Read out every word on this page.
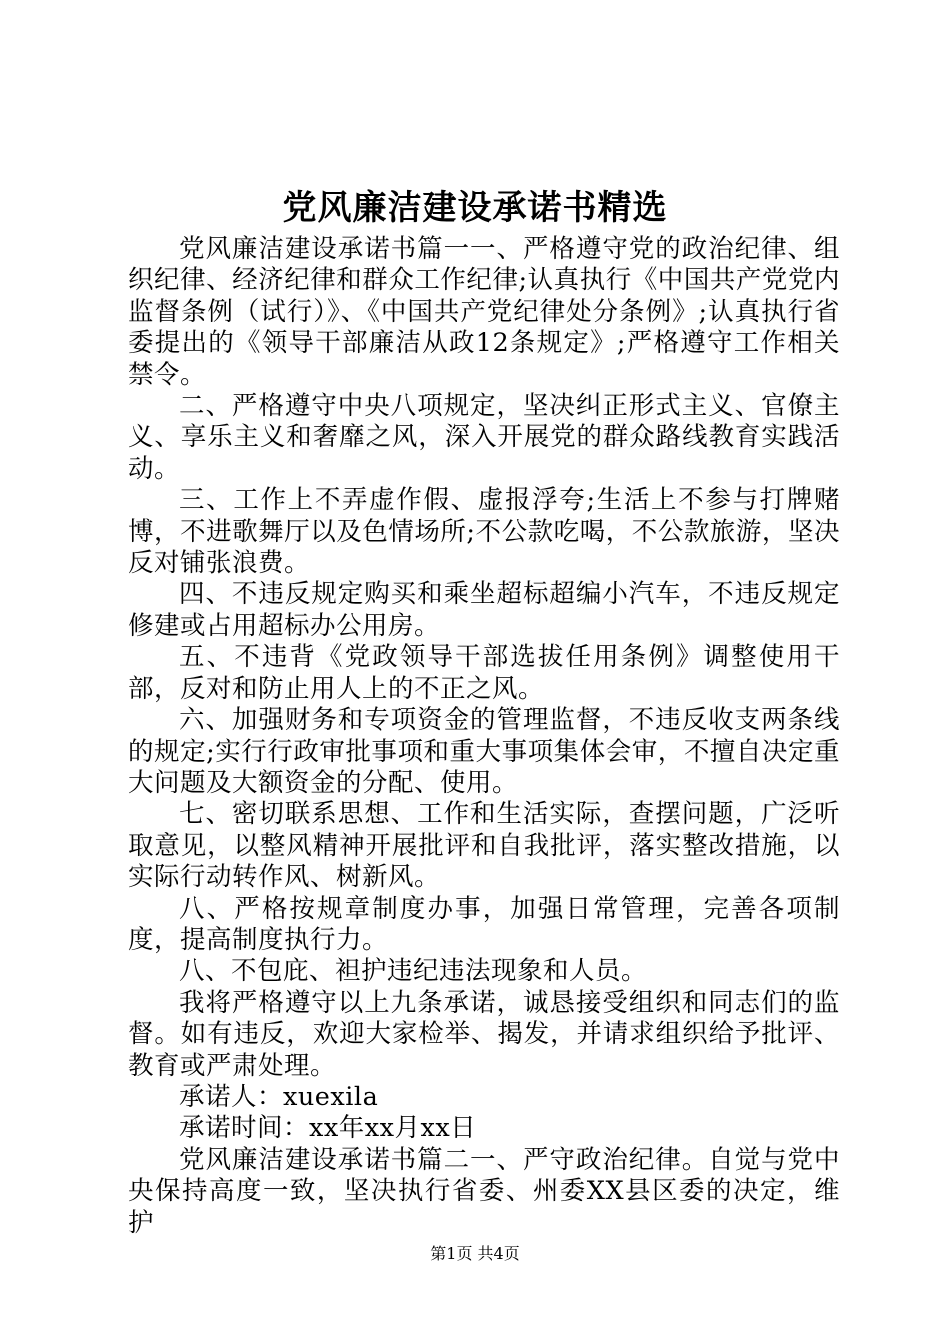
党风廉洁建设承诺书精选

党风廉洁建设承诺书篇一一、严格遵守党的政治纪律、组织纪律、经济纪律和群众工作纪律;认真执行《中国共产党党内监督条例（试行）》、《中国共产党纪律处分条例》;认真执行省委提出的《领导干部廉洁从政12条规定》;严格遵守工作相关禁令。

二、严格遵守中央八项规定，坚决纠正形式主义、官僚主义、享乐主义和奢靡之风，深入开展党的群众路线教育实践活动。

三、工作上不弄虚作假、虚报浮夸;生活上不参与打牌赌博，不进歌舞厅以及色情场所;不公款吃喝，不公款旅游，坚决反对铺张浪费。

四、不违反规定购买和乘坐超标超编小汽车，不违反规定修建或占用超标办公用房。

五、不违背《党政领导干部选拔任用条例》调整使用干部，反对和防止用人上的不正之风。

六、加强财务和专项资金的管理监督，不违反收支两条线的规定;实行行政审批事项和重大事项集体会审，不擅自决定重大问题及大额资金的分配、使用。

七、密切联系思想、工作和生活实际，查摆问题，广泛听取意见，以整风精神开展批评和自我批评，落实整改措施，以实际行动转作风、树新风。

八、严格按规章制度办事，加强日常管理，完善各项制度，提高制度执行力。

八、不包庇、袒护违纪违法现象和人员。

我将严格遵守以上九条承诺，诚恳接受组织和同志们的监督。如有违反，欢迎大家检举、揭发，并请求组织给予批评、教育或严肃处理。

承诺人：xuexila

承诺时间：xx年xx月xx日

党风廉洁建设承诺书篇二一、严守政治纪律。自觉与党中央保持高度一致，坚决执行省委、州委XX县区委的决定，维护

第1页 共4页
